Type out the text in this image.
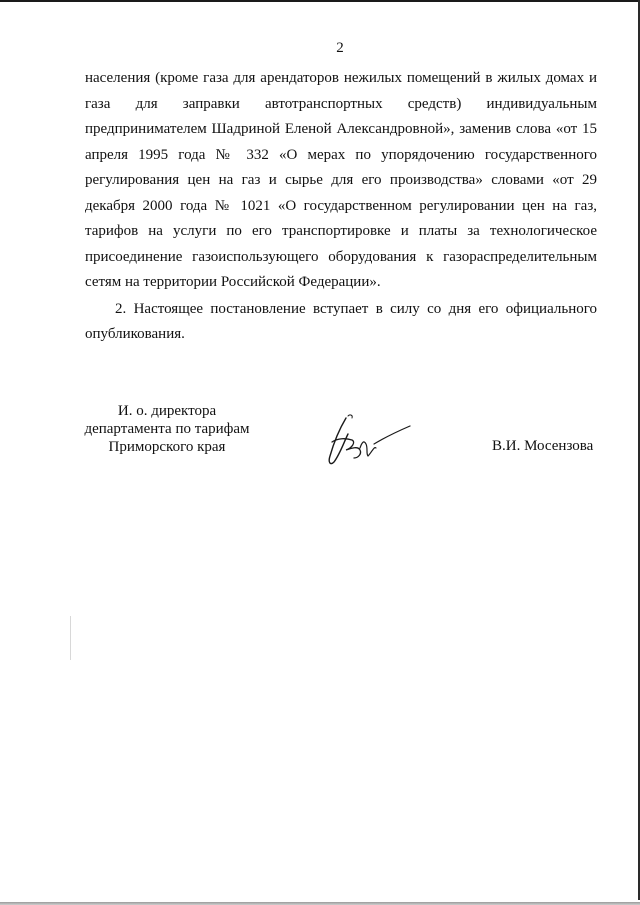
2

населения (кроме газа для арендаторов нежилых помещений в жилых домах и газа для заправки автотранспортных средств) индивидуальным предпринимателем Шадриной Еленой Александровной», заменив слова «от 15 апреля 1995 года № 332 «О мерах по упорядочению государственного регулирования цен на газ и сырье для его производства» словами «от 29 декабря 2000 года № 1021 «О государственном регулировании цен на газ, тарифов на услуги по его транспортировке и платы за технологическое присоединение газоиспользующего оборудования к газораспределительным сетям на территории Российской Федерации».

2. Настоящее постановление вступает в силу со дня его официального опубликования.

И. о. директора
департамента по тарифам
Приморского края	В.И. Мосензова
